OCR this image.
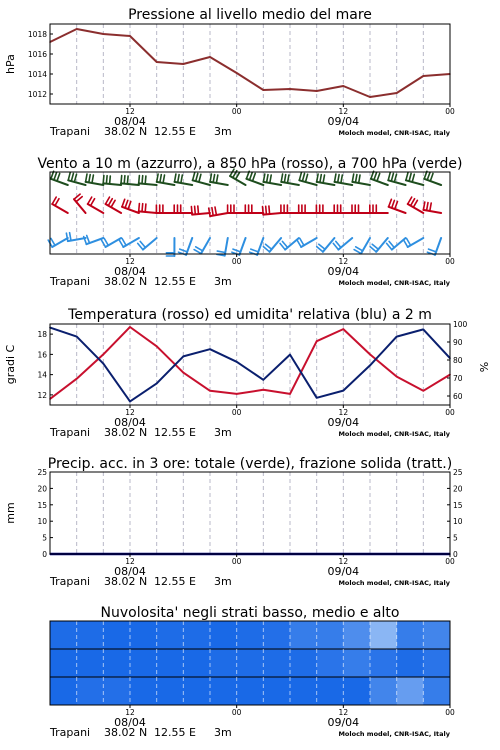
Pressione al livello medio del mare
1012
1014
1016
1018
hPa
12	00	12	00
08/04	09/04
Trapani 38.02 N 12.55 E 3m	Moloch model, CNR-ISAC, Italy
Vento a 10 m (azzurro), a 850 hPa (rosso), a 700 hPa (verde)
12	00	12	00
08/04	09/04
Trapani 38.02 N 12.55 E 3m	Moloch model, CNR-ISAC, Italy
Temperatura (rosso) ed umidita' relativa (blu) a 2 m
12
14
16
18
60
70
80
90
100
gradi C	%
12	00	12	00
08/04	09/04
Trapani 38.02 N 12.55 E 3m	Moloch model, CNR-ISAC, Italy
Precip. acc. in 3 ore: totale (verde), frazione solida (tratt.)
0
5
10
15
20
25
0
5
10
15
20
25
mm
12	00	12	00
08/04	09/04
Trapani 38.02 N 12.55 E 3m	Moloch model, CNR-ISAC, Italy
Nuvolosita' negli strati basso, medio e alto
12	00	12	00
08/04	09/04
Trapani 38.02 N 12.55 E 3m	Moloch model, CNR-ISAC, Italy
